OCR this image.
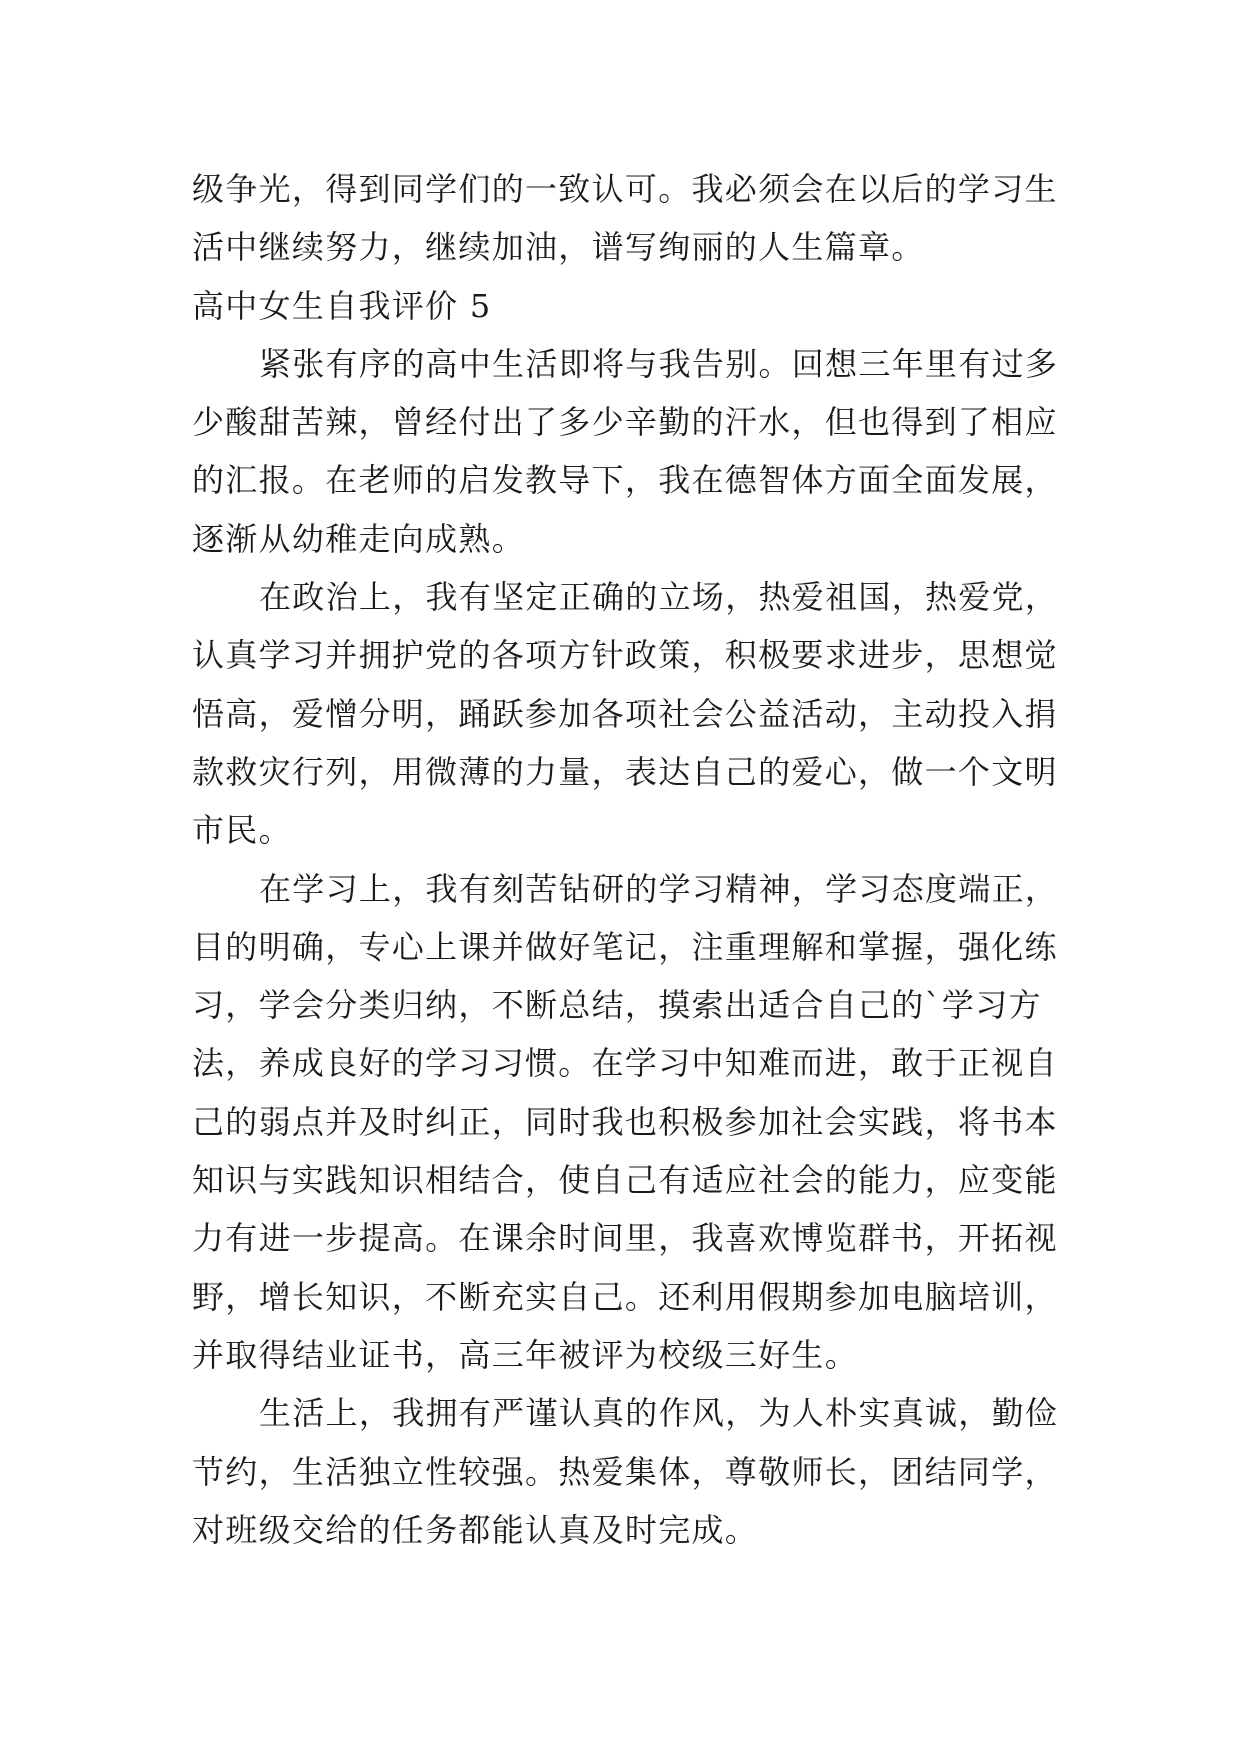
级争光，得到同学们的一致认可。我必须会在以后的学习生
活中继续努力，继续加油，谱写绚丽的人生篇章。
高中女生自我评价 5
紧张有序的高中生活即将与我告别。回想三年里有过多
少酸甜苦辣，曾经付出了多少辛勤的汗水，但也得到了相应
的汇报。在老师的启发教导下，我在德智体方面全面发展，
逐渐从幼稚走向成熟。
在政治上，我有坚定正确的立场，热爱祖国，热爱党，
认真学习并拥护党的各项方针政策，积极要求进步，思想觉
悟高，爱憎分明，踊跃参加各项社会公益活动，主动投入捐
款救灾行列，用微薄的力量，表达自己的爱心，做一个文明
市民。
在学习上，我有刻苦钻研的学习精神，学习态度端正，
目的明确，专心上课并做好笔记，注重理解和掌握，强化练
习，学会分类归纳，不断总结，摸索出适合自己的`学习方
法，养成良好的学习习惯。在学习中知难而进，敢于正视自
己的弱点并及时纠正，同时我也积极参加社会实践，将书本
知识与实践知识相结合，使自己有适应社会的能力，应变能
力有进一步提高。在课余时间里，我喜欢博览群书，开拓视
野，增长知识，不断充实自己。还利用假期参加电脑培训，
并取得结业证书，高三年被评为校级三好生。
生活上，我拥有严谨认真的作风，为人朴实真诚，勤俭
节约，生活独立性较强。热爱集体，尊敬师长，团结同学，
对班级交给的任务都能认真及时完成。
